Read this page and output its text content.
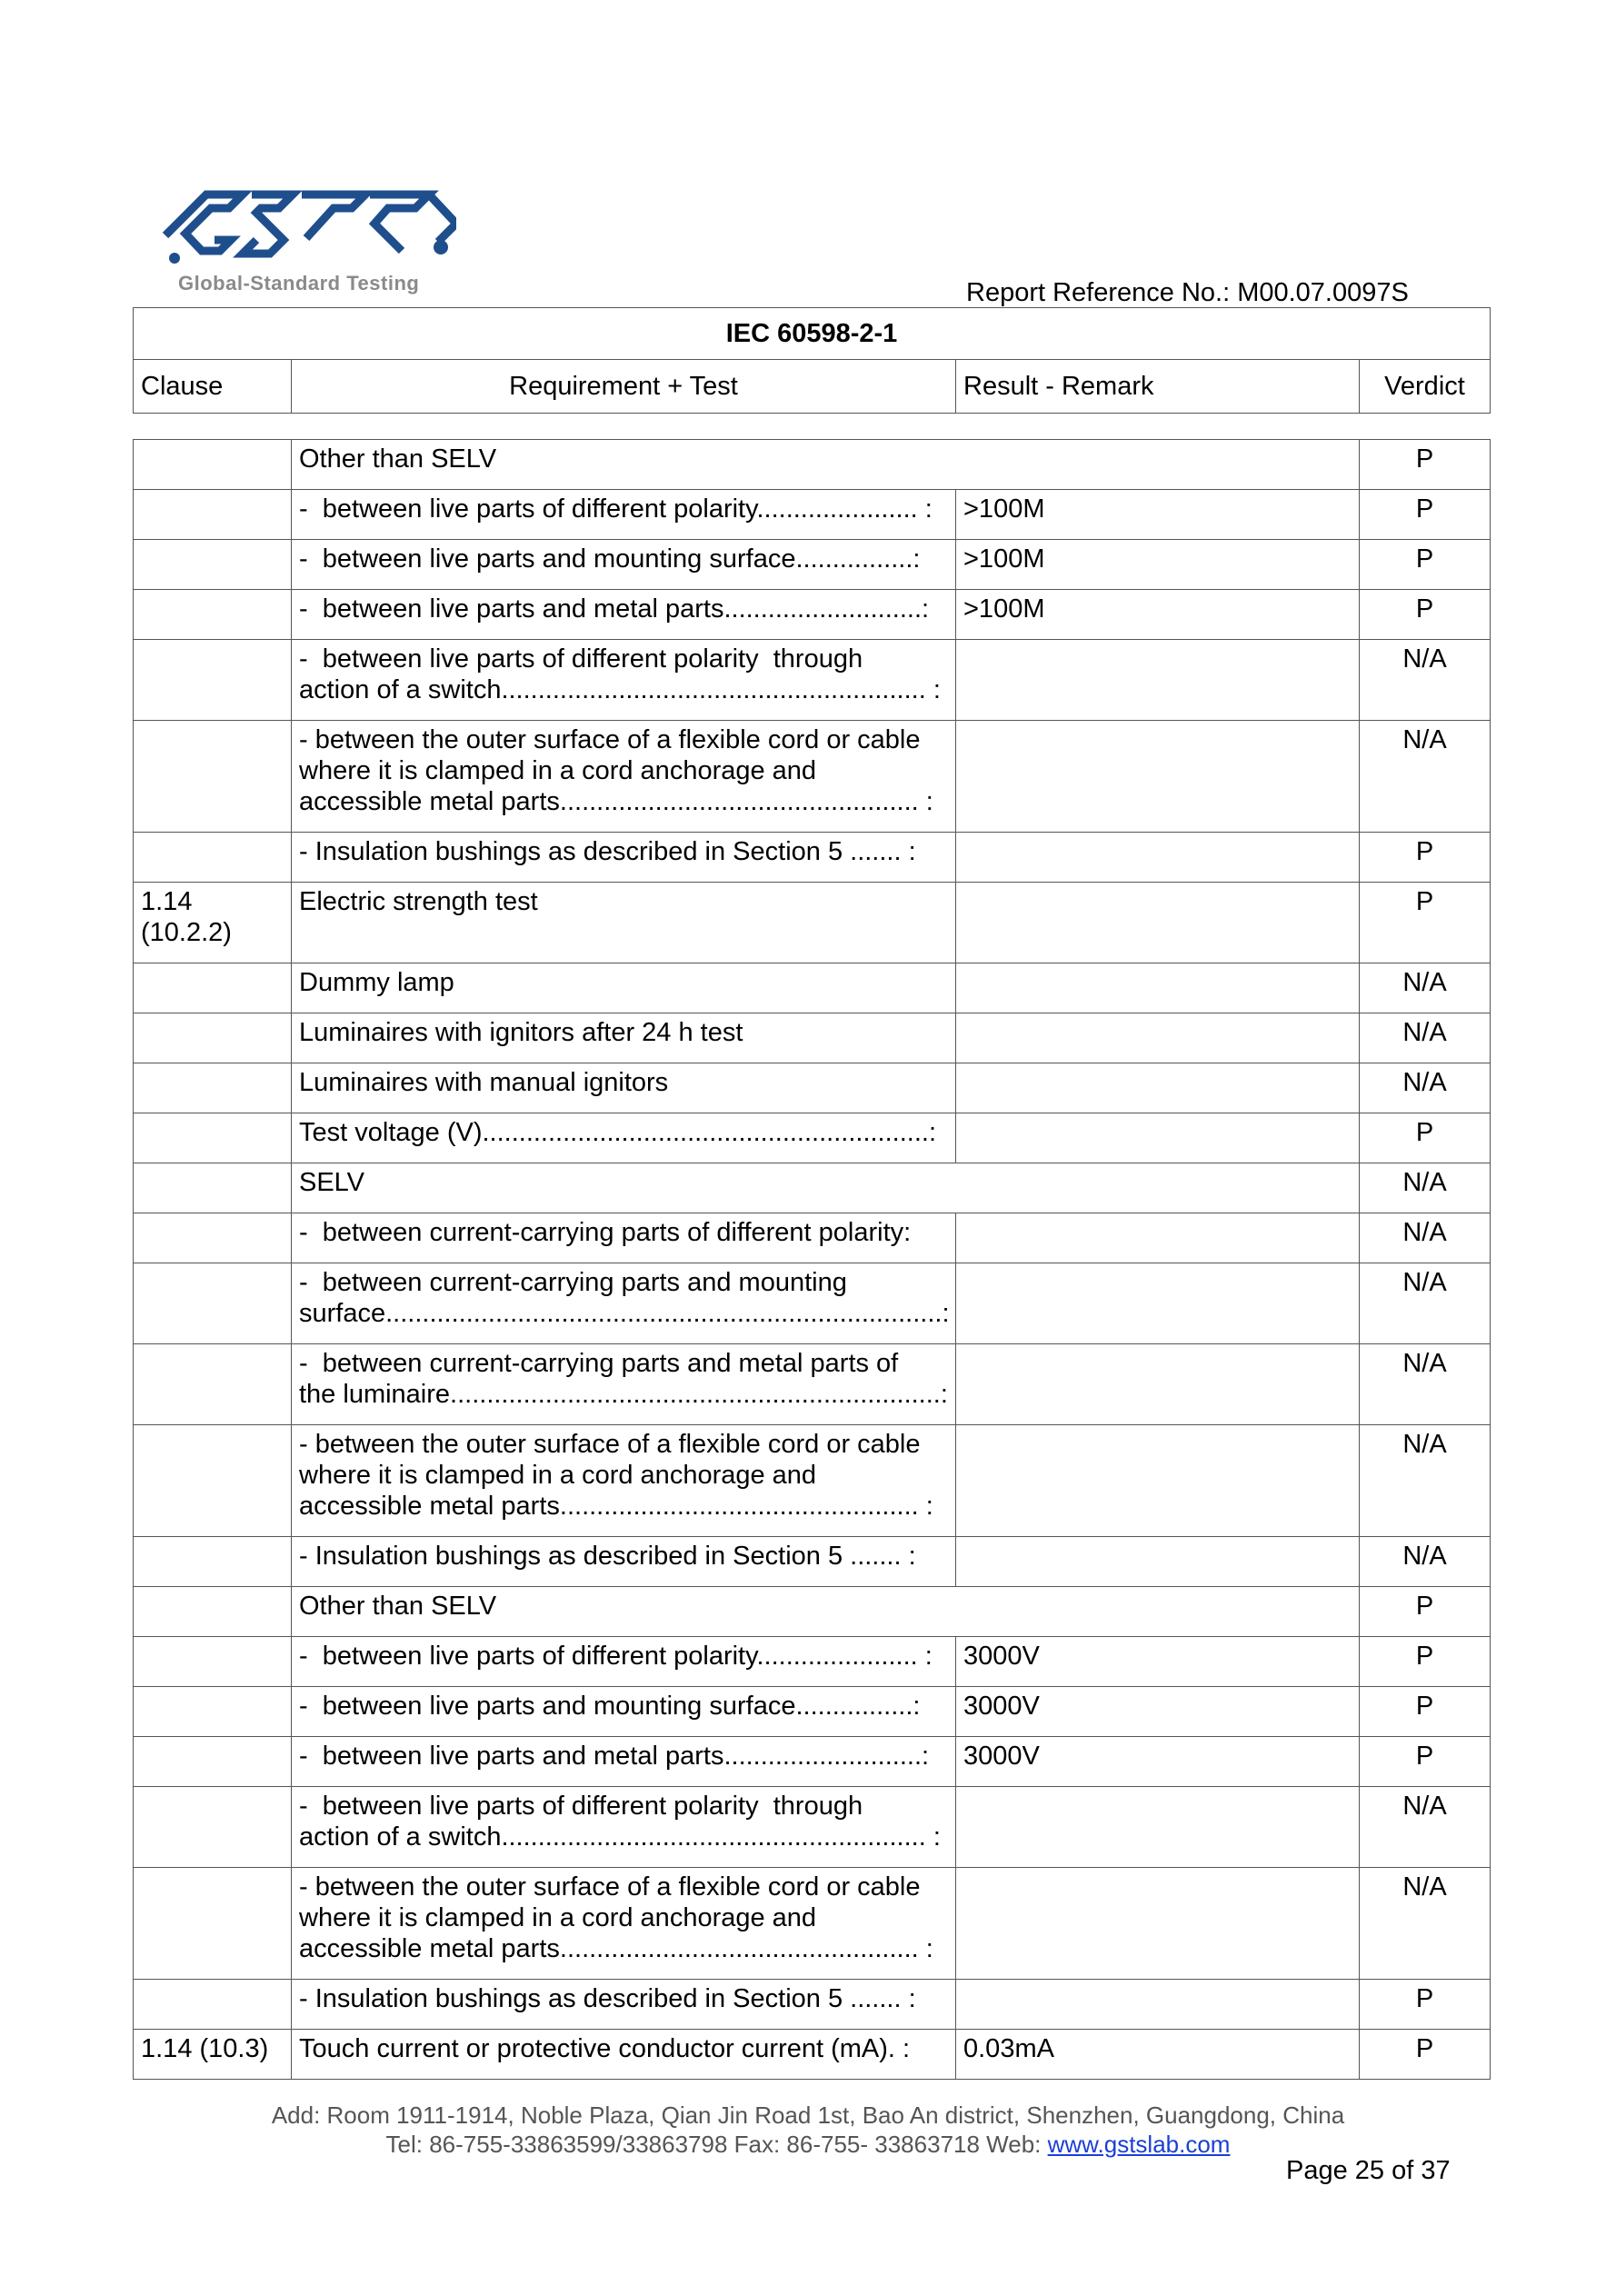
Global-Standard Testing	Report Reference No.: M00.07.0097S
IEC 60598-2-1
Clause	Requirement + Test	Result - Remark	Verdict
	Other than SELV		P
	-  between live parts of different polarity...................... :	>100M	P
	-  between live parts and mounting surface................:	>100M	P
	-  between live parts and metal parts...........................:	>100M	P
	-  between live parts of different polarity  through
action of a switch.......................................................... :		N/A
	- between the outer surface of a flexible cord or cable
where it is clamped in a cord anchorage and
accessible metal parts................................................. :		N/A
	- Insulation bushings as described in Section 5 ....... :		P
1.14
(10.2.2)	Electric strength test		P
	Dummy lamp		N/A
	Luminaires with ignitors after 24 h test		N/A
	Luminaires with manual ignitors		N/A
	Test voltage (V).............................................................:		P
	SELV		N/A
	-  between current-carrying parts of different polarity:		N/A
	-  between current-carrying parts and mounting
surface............................................................................:		N/A
	-  between current-carrying parts and metal parts of
the luminaire...................................................................:		N/A
	- between the outer surface of a flexible cord or cable
where it is clamped in a cord anchorage and
accessible metal parts................................................. :		N/A
	- Insulation bushings as described in Section 5 ....... :		N/A
	Other than SELV		P
	-  between live parts of different polarity...................... :	3000V	P
	-  between live parts and mounting surface................:	3000V	P
	-  between live parts and metal parts...........................:	3000V	P
	-  between live parts of different polarity  through
action of a switch.......................................................... :		N/A
	- between the outer surface of a flexible cord or cable
where it is clamped in a cord anchorage and
accessible metal parts................................................. :		N/A
	- Insulation bushings as described in Section 5 ....... :		P
1.14 (10.3)	Touch current or protective conductor current (mA). :	0.03mA	P
Add: Room 1911-1914, Noble Plaza, Qian Jin Road 1st, Bao An district, Shenzhen, Guangdong, China
Tel: 86-755-33863599/33863798 Fax: 86-755- 33863718 Web: www.gstslab.com
Page 25 of 37
